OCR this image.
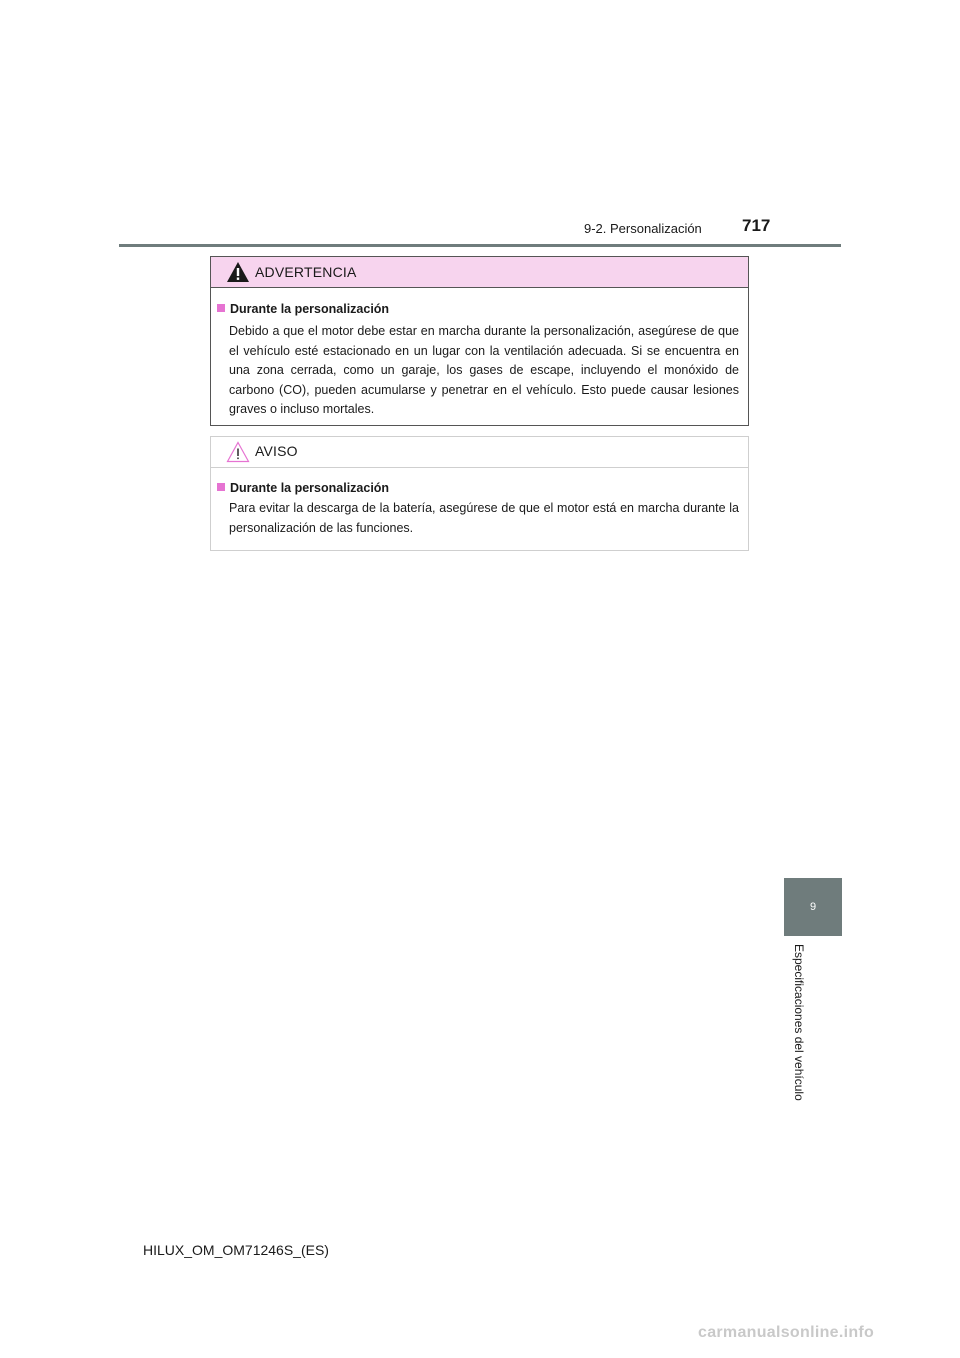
9-2. Personalización 717
ADVERTENCIA
Durante la personalización
Debido a que el motor debe estar en marcha durante la personalización, asegúrese de que el vehículo esté estacionado en un lugar con la ventilación adecuada. Si se encuentra en una zona cerrada, como un garaje, los gases de escape, incluyendo el monóxido de carbono (CO), pueden acumularse y penetrar en el vehículo. Esto puede causar lesiones graves o incluso mortales.
AVISO
Durante la personalización
Para evitar la descarga de la batería, asegúrese de que el motor está en marcha durante la personalización de las funciones.
9
Especificaciones del vehículo
HILUX_OM_OM71246S_(ES)
carmanualsonline.info
